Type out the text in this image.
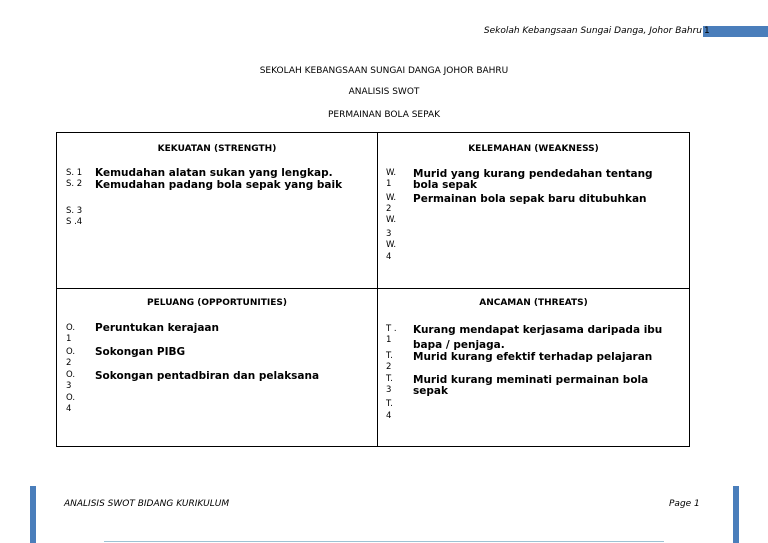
Sekolah Kebangsaan Sungai Danga, Johor Bahru 1
SEKOLAH KEBANGSAAN SUNGAI DANGA JOHOR BAHRU
ANALISIS SWOT
PERMAINAN BOLA SEPAK
KEKUATAN (STRENGTH)
S. 1
S. 2
S. 3
S .4
Kemudahan alatan sukan yang lengkap.
Kemudahan padang bola sepak yang baik
KELEMAHAN (WEAKNESS)
W.
1
W.
2
W.
3
W.
4
Murid yang kurang pendedahan tentang bola sepak
Permainan bola sepak baru ditubuhkan
PELUANG (OPPORTUNITIES)
O.
1
O.
2
O.
3
O.
4
Peruntukan kerajaan
Sokongan PIBG
Sokongan pentadbiran dan pelaksana
ANCAMAN (THREATS)
T .
1
T.
2
T.
3
T.
4
Kurang mendapat kerjasama daripada ibu bapa / penjaga.
Murid kurang efektif terhadap pelajaran
Murid kurang meminati permainan bola sepak
ANALISIS SWOT BIDANG KURIKULUM	Page 1
